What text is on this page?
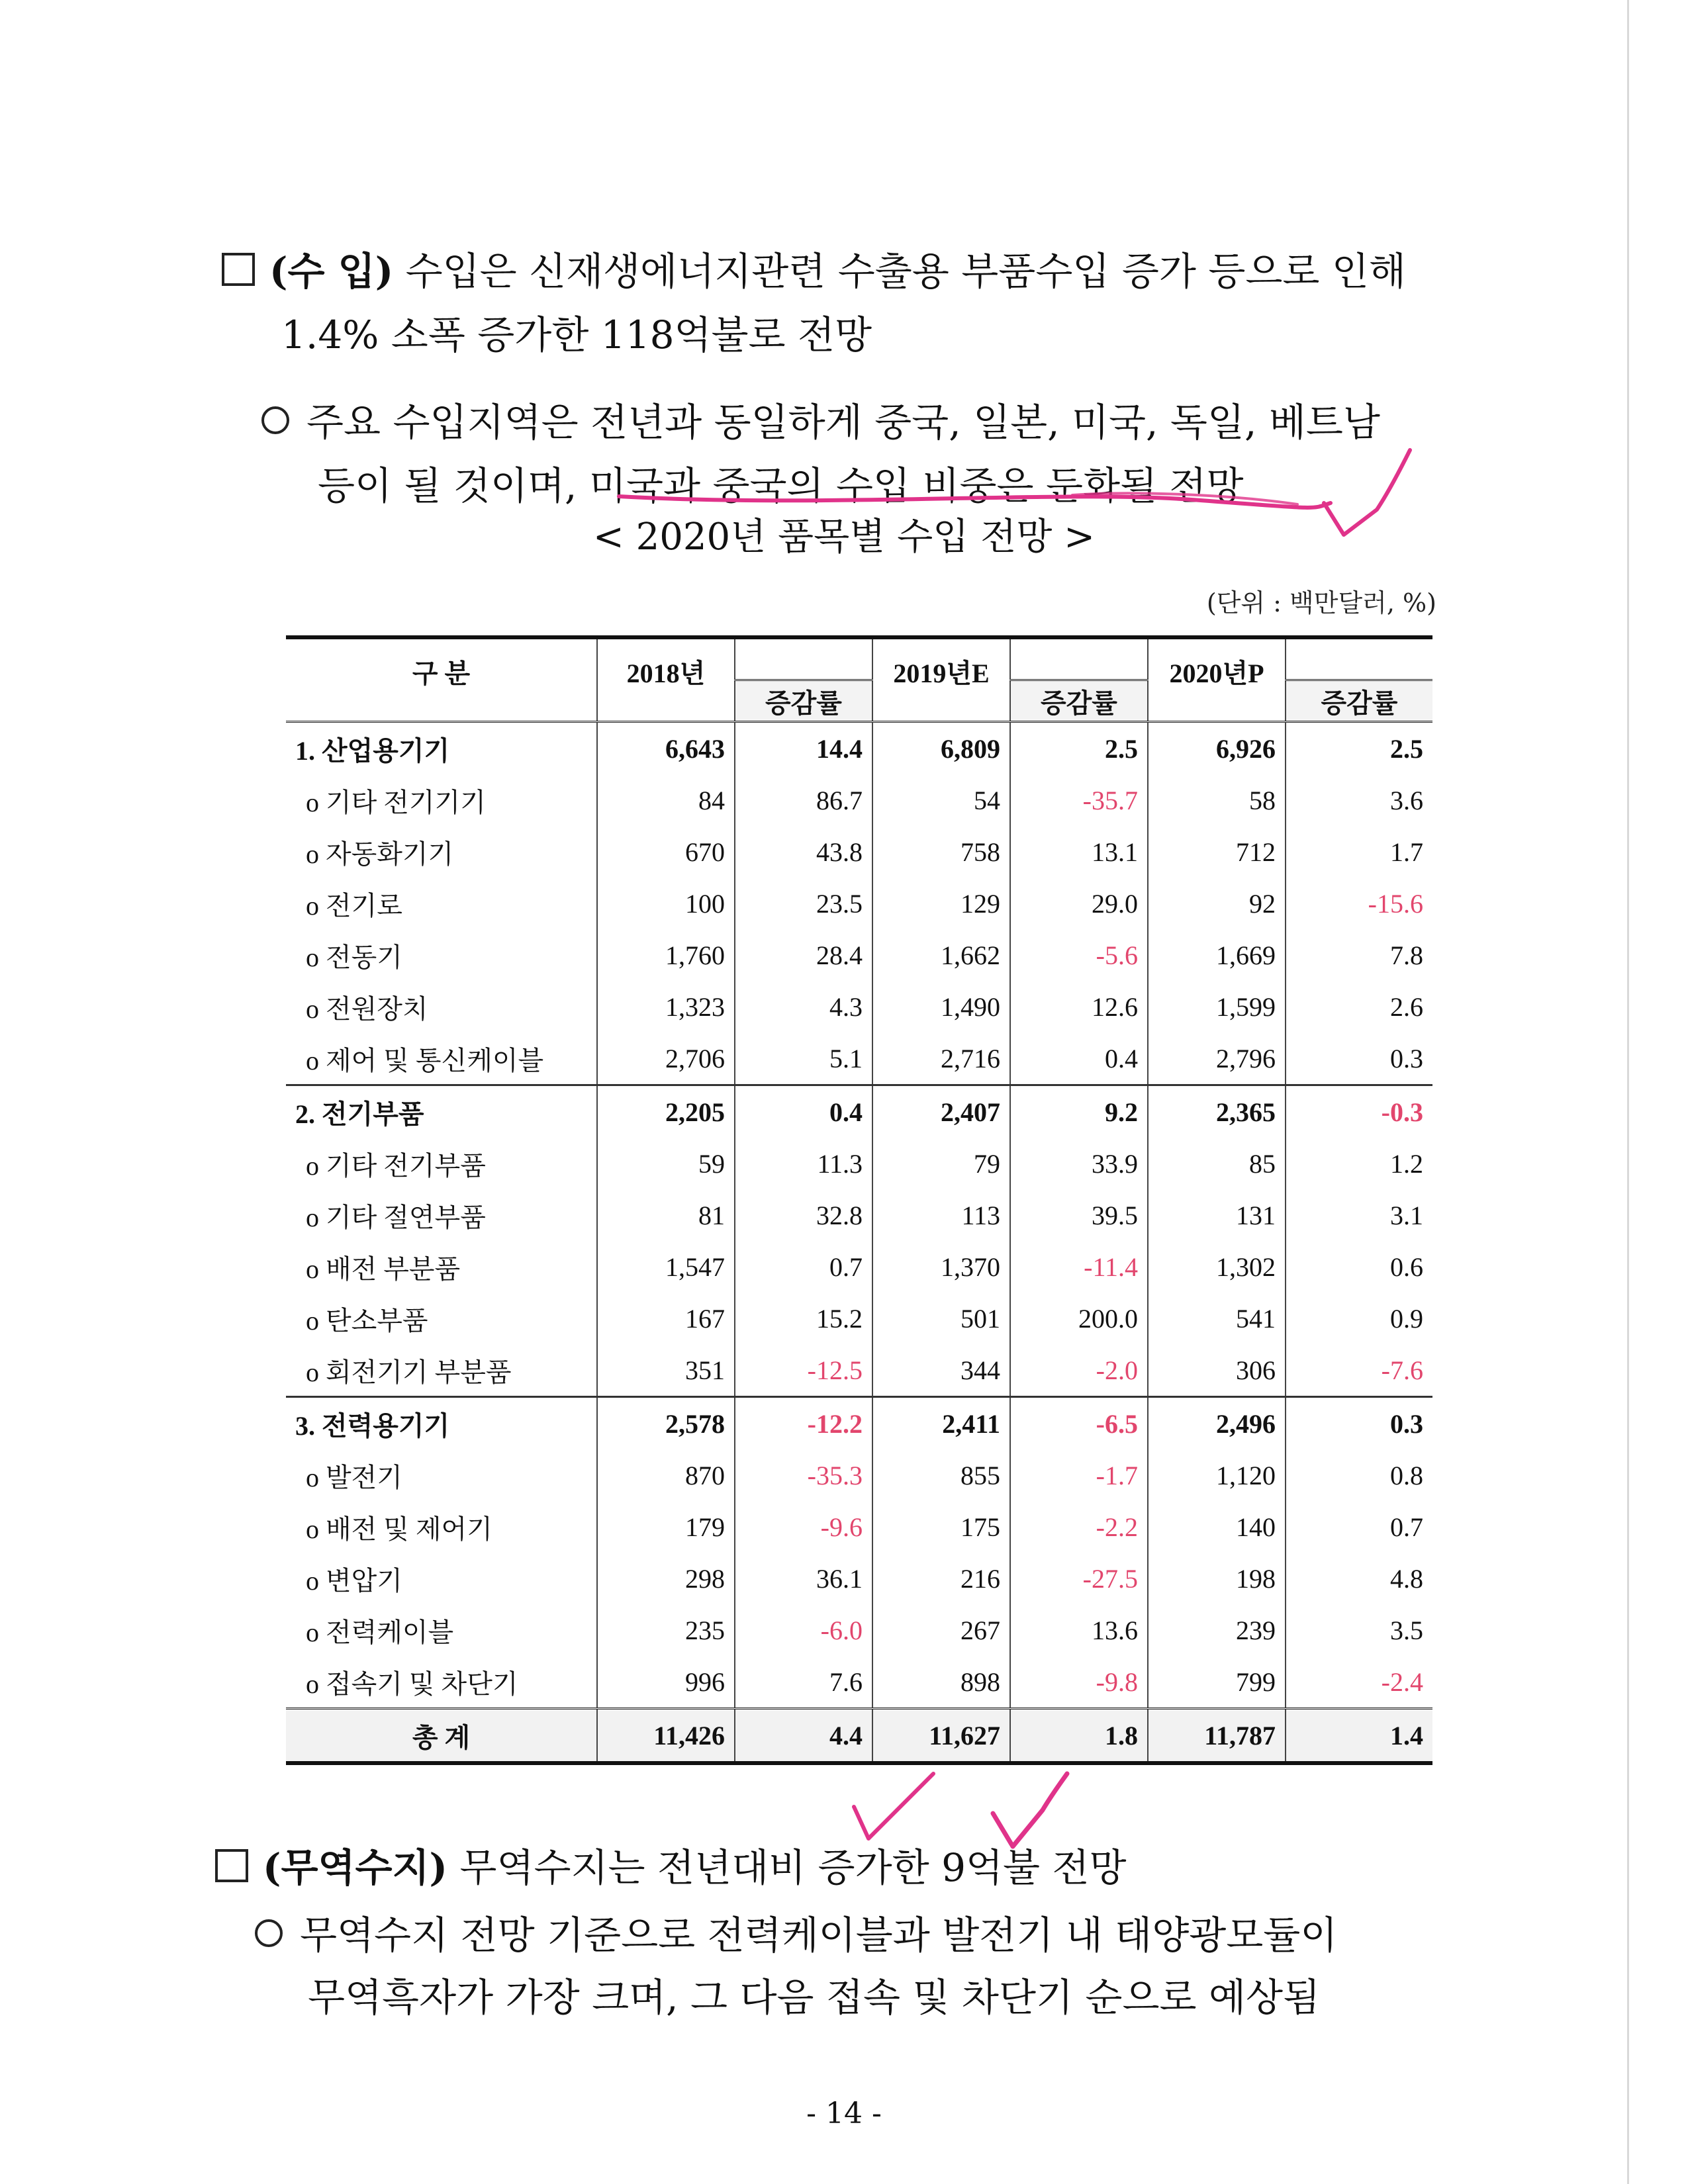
(수 입) 수입은 신재생에너지관련 수출용 부품수입 증가 등으로 인해
1.4% 소폭 증가한 118억불로 전망
주요 수입지역은 전년과 동일하게 중국, 일본, 미국, 독일, 베트남
등이 될 것이며, 미국과 중국의 수입 비중은 둔화될 전망
< 2020년 품목별 수입 전망 >
(단위 : 백만달러, %)
구 분	2018년		2019년E		2020년P	
		증감률		증감률		증감률
1. 산업용기기	6,643	14.4	6,809	2.5	6,926	2.5
o 기타 전기기기	84	86.7	54	-35.7	58	3.6
o 자동화기기	670	43.8	758	13.1	712	1.7
o 전기로	100	23.5	129	29.0	92	-15.6
o 전동기	1,760	28.4	1,662	-5.6	1,669	7.8
o 전원장치	1,323	4.3	1,490	12.6	1,599	2.6
o 제어 및 통신케이블	2,706	5.1	2,716	0.4	2,796	0.3
2. 전기부품	2,205	0.4	2,407	9.2	2,365	-0.3
o 기타 전기부품	59	11.3	79	33.9	85	1.2
o 기타 절연부품	81	32.8	113	39.5	131	3.1
o 배전 부분품	1,547	0.7	1,370	-11.4	1,302	0.6
o 탄소부품	167	15.2	501	200.0	541	0.9
o 회전기기 부분품	351	-12.5	344	-2.0	306	-7.6
3. 전력용기기	2,578	-12.2	2,411	-6.5	2,496	0.3
o 발전기	870	-35.3	855	-1.7	1,120	0.8
o 배전 및 제어기	179	-9.6	175	-2.2	140	0.7
o 변압기	298	36.1	216	-27.5	198	4.8
o 전력케이블	235	-6.0	267	13.6	239	3.5
o 접속기 및 차단기	996	7.6	898	-9.8	799	-2.4
총 계	11,426	4.4	11,627	1.8	11,787	1.4
(무역수지) 무역수지는 전년대비 증가한 9억불 전망
무역수지 전망 기준으로 전력케이블과 발전기 내 태양광모듈이
무역흑자가 가장 크며, 그 다음 접속 및 차단기 순으로 예상됨
- 14 -
